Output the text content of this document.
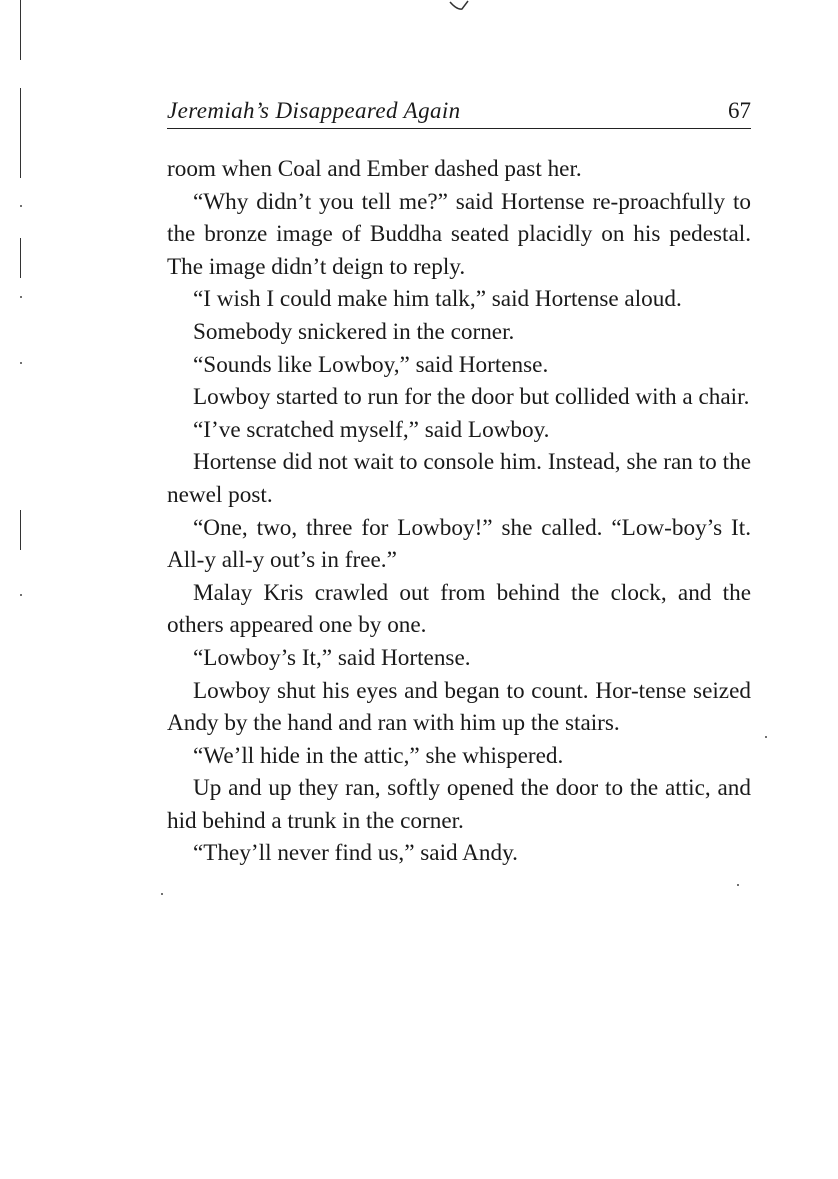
Jeremiah’s Disappeared Again	67

room when Coal and Ember dashed past her.

“Why didn’t you tell me?” said Hortense re-proachfully to the bronze image of Buddha seated placidly on his pedestal. The image didn’t deign to reply.

“I wish I could make him talk,” said Hortense aloud.

Somebody snickered in the corner.

“Sounds like Lowboy,” said Hortense.

Lowboy started to run for the door but collided with a chair.

“I’ve scratched myself,” said Lowboy.

Hortense did not wait to console him. Instead, she ran to the newel post.

“One, two, three for Lowboy!” she called. “Low-boy’s It. All-y all-y out’s in free.”

Malay Kris crawled out from behind the clock, and the others appeared one by one.

“Lowboy’s It,” said Hortense.

Lowboy shut his eyes and began to count. Hor-tense seized Andy by the hand and ran with him up the stairs.

“We’ll hide in the attic,” she whispered.

Up and up they ran, softly opened the door to the attic, and hid behind a trunk in the corner.

“They’ll never find us,” said Andy.
